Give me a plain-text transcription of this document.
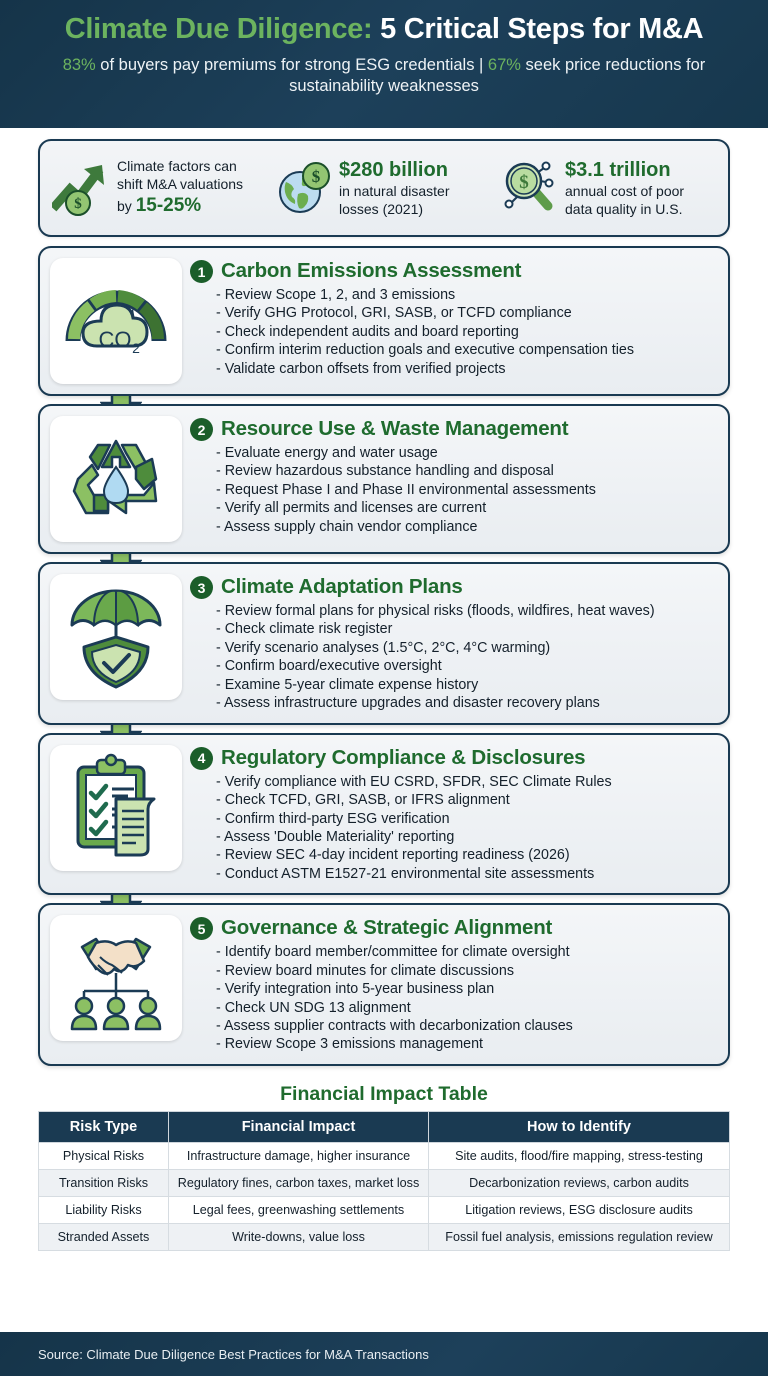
Climate Due Diligence: 5 Critical Steps for M&A
83% of buyers pay premiums for strong ESG credentials | 67% seek price reductions for sustainability weaknesses
$
Climate factors can
shift M&A valuations
by 15-25%
$ $280 billion
in natural disaster
losses (2021)
$
$3.1 trillion
annual cost of poor
data quality in U.S.
CO 2
1 Carbon Emissions Assessment
- Review Scope 1, 2, and 3 emissions
- Verify GHG Protocol, GRI, SASB, or TCFD compliance
- Check independent audits and board reporting
- Confirm interim reduction goals and executive compensation ties
- Validate carbon offsets from verified projects
2 Resource Use & Waste Management
- Evaluate energy and water usage
- Review hazardous substance handling and disposal
- Request Phase I and Phase II environmental assessments
- Verify all permits and licenses are current
- Assess supply chain vendor compliance
3 Climate Adaptation Plans
- Review formal plans for physical risks (floods, wildfires, heat waves)
- Check climate risk register
- Verify scenario analyses (1.5°C, 2°C, 4°C warming)
- Confirm board/executive oversight
- Examine 5-year climate expense history
- Assess infrastructure upgrades and disaster recovery plans
4 Regulatory Compliance & Disclosures
- Verify compliance with EU CSRD, SFDR, SEC Climate Rules
- Check TCFD, GRI, SASB, or IFRS alignment
- Confirm third-party ESG verification
- Assess 'Double Materiality' reporting
- Review SEC 4-day incident reporting readiness (2026)
- Conduct ASTM E1527-21 environmental site assessments
5 Governance & Strategic Alignment
- Identify board member/committee for climate oversight
- Review board minutes for climate discussions
- Verify integration into 5-year business plan
- Check UN SDG 13 alignment
- Assess supplier contracts with decarbonization clauses
- Review Scope 3 emissions management
Financial Impact Table
Risk Type	Financial Impact	How to Identify
Physical Risks	Infrastructure damage, higher insurance	Site audits, flood/fire mapping, stress-testing
Transition Risks	Regulatory fines, carbon taxes, market loss	Decarbonization reviews, carbon audits
Liability Risks	Legal fees, greenwashing settlements	Litigation reviews, ESG disclosure audits
Stranded Assets	Write-downs, value loss	Fossil fuel analysis, emissions regulation review
Source: Climate Due Diligence Best Practices for M&A Transactions
